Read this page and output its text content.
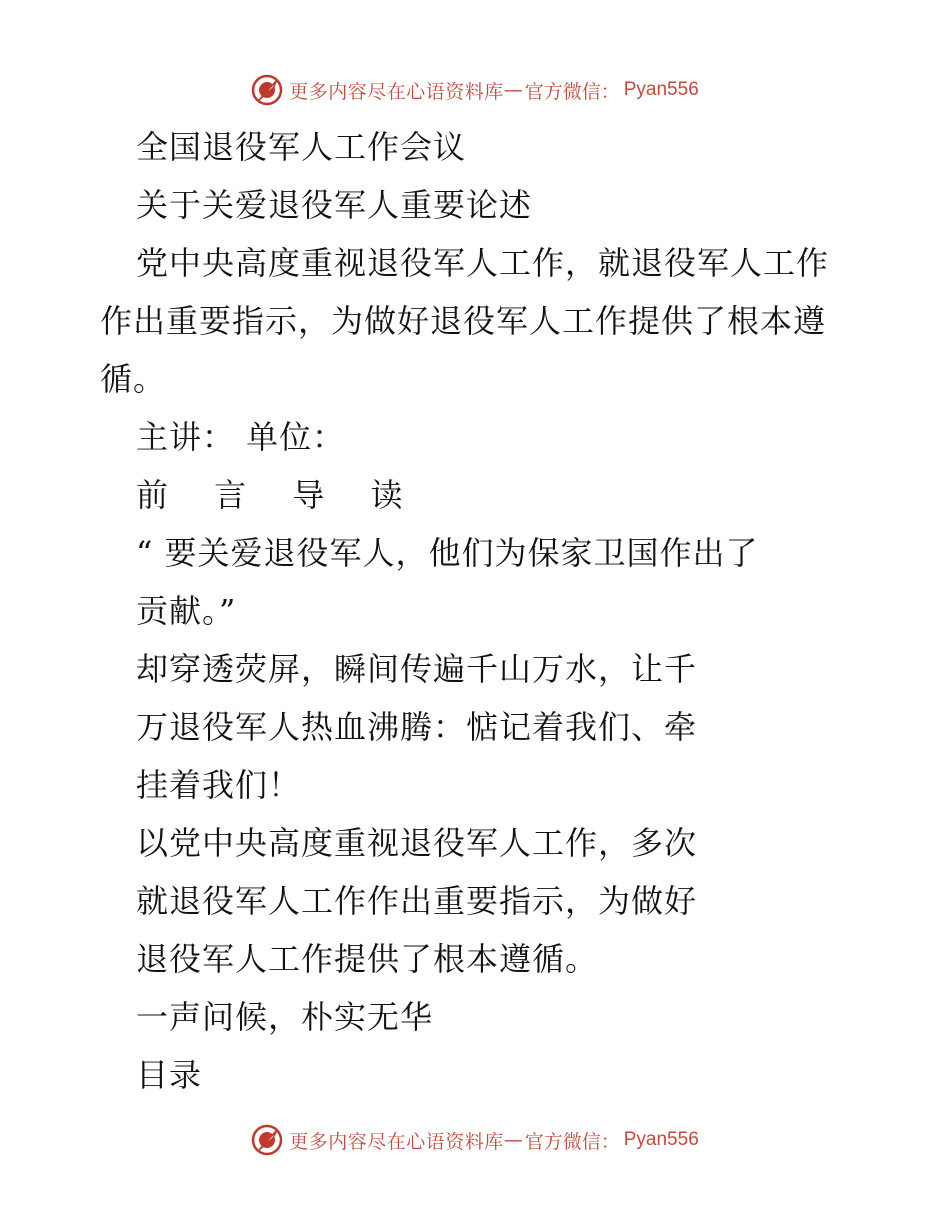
更多内容尽在心语资料库 — 官方微信： Pyan556
全国退役军人工作会议
关于关爱退役军人重要论述
党中央高度重视退役军人工作，就退役军人工作
作出重要指示，为做好退役军人工作提供了根本遵
循。
主讲： 单位：
前 言 导 读
“ 要关爱退役军人，他们为保家卫国作出了
贡献。”
却穿透荧屏，瞬间传遍千山万水，让千
万退役军人热血沸腾：惦记着我们、牵
挂着我们！
以党中央高度重视退役军人工作，多次
就退役军人工作作出重要指示，为做好
退役军人工作提供了根本遵循。
一声问候，朴实无华
目录
更多内容尽在心语资料库 — 官方微信： Pyan556
